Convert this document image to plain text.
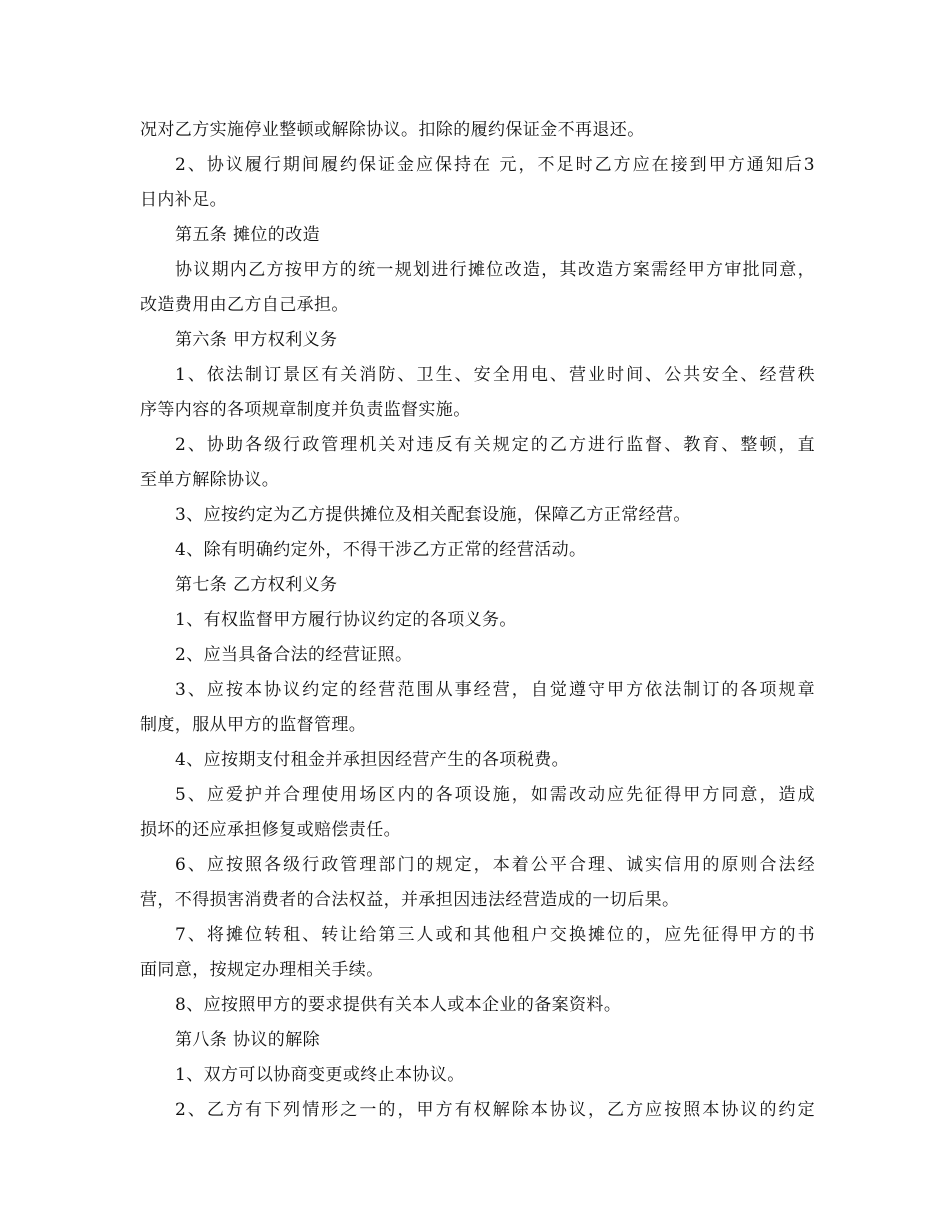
况对乙方实施停业整顿或解除协议。扣除的履约保证金不再退还。
2、协议履行期间履约保证金应保持在 元，不足时乙方应在接到甲方通知后3
日内补足。
第五条 摊位的改造
协议期内乙方按甲方的统一规划进行摊位改造，其改造方案需经甲方审批同意，
改造费用由乙方自己承担。
第六条 甲方权利义务
1、依法制订景区有关消防、卫生、安全用电、营业时间、公共安全、经营秩
序等内容的各项规章制度并负责监督实施。
2、协助各级行政管理机关对违反有关规定的乙方进行监督、教育、整顿，直
至单方解除协议。
3、应按约定为乙方提供摊位及相关配套设施，保障乙方正常经营。
4、除有明确约定外，不得干涉乙方正常的经营活动。
第七条 乙方权利义务
1、有权监督甲方履行协议约定的各项义务。
2、应当具备合法的经营证照。
3、应按本协议约定的经营范围从事经营，自觉遵守甲方依法制订的各项规章
制度，服从甲方的监督管理。
4、应按期支付租金并承担因经营产生的各项税费。
5、应爱护并合理使用场区内的各项设施，如需改动应先征得甲方同意，造成
损坏的还应承担修复或赔偿责任。
6、应按照各级行政管理部门的规定，本着公平合理、诚实信用的原则合法经
营，不得损害消费者的合法权益，并承担因违法经营造成的一切后果。
7、将摊位转租、转让给第三人或和其他租户交换摊位的，应先征得甲方的书
面同意，按规定办理相关手续。
8、应按照甲方的要求提供有关本人或本企业的备案资料。
第八条 协议的解除
1、双方可以协商变更或终止本协议。
2、乙方有下列情形之一的，甲方有权解除本协议，乙方应按照本协议的约定
